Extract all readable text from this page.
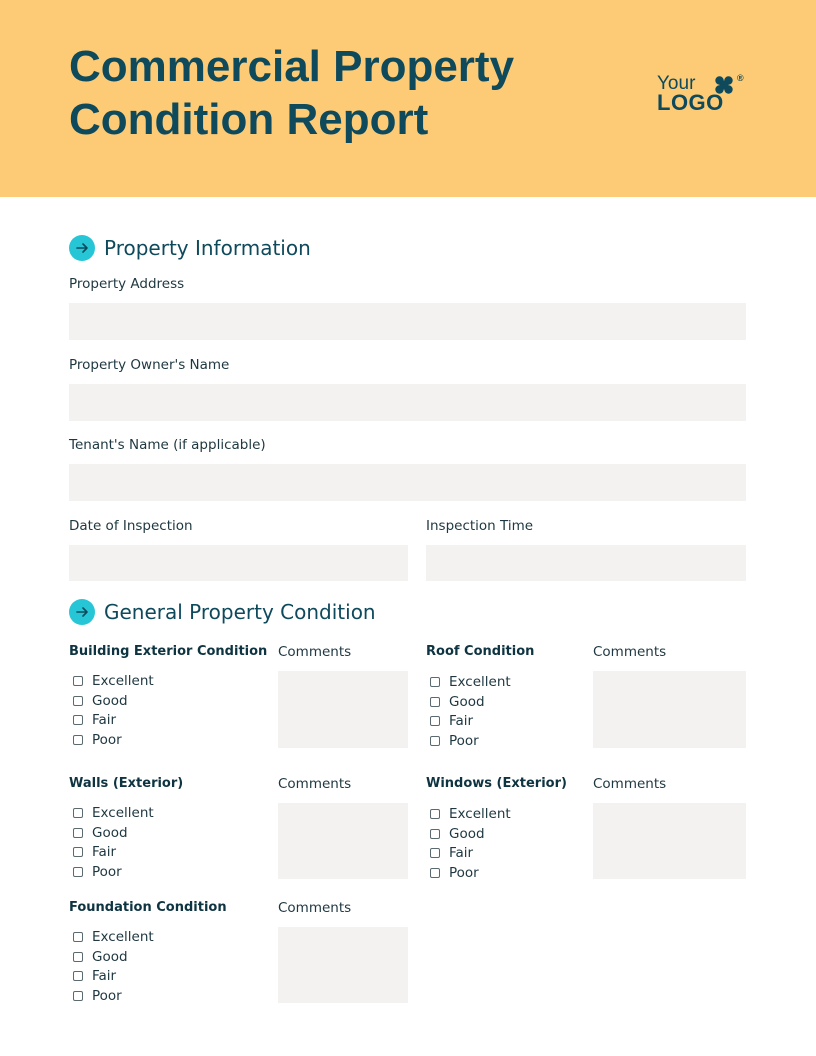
Commercial Property
Condition Report
Your	®
LOGO
Property Information
Property Address
Property Owner's Name
Tenant's Name (if applicable)
Date of Inspection	Inspection Time
General Property Condition
Building Exterior Condition Comments
Excellent
Good
Fair
Poor
Roof Condition	Comments
Excellent
Good
Fair
Poor
Walls (Exterior)	Comments
Excellent
Good
Fair
Poor
Windows (Exterior) Comments
Excellent
Good
Fair
Poor
Foundation Condition	Comments
Excellent
Good
Fair
Poor
